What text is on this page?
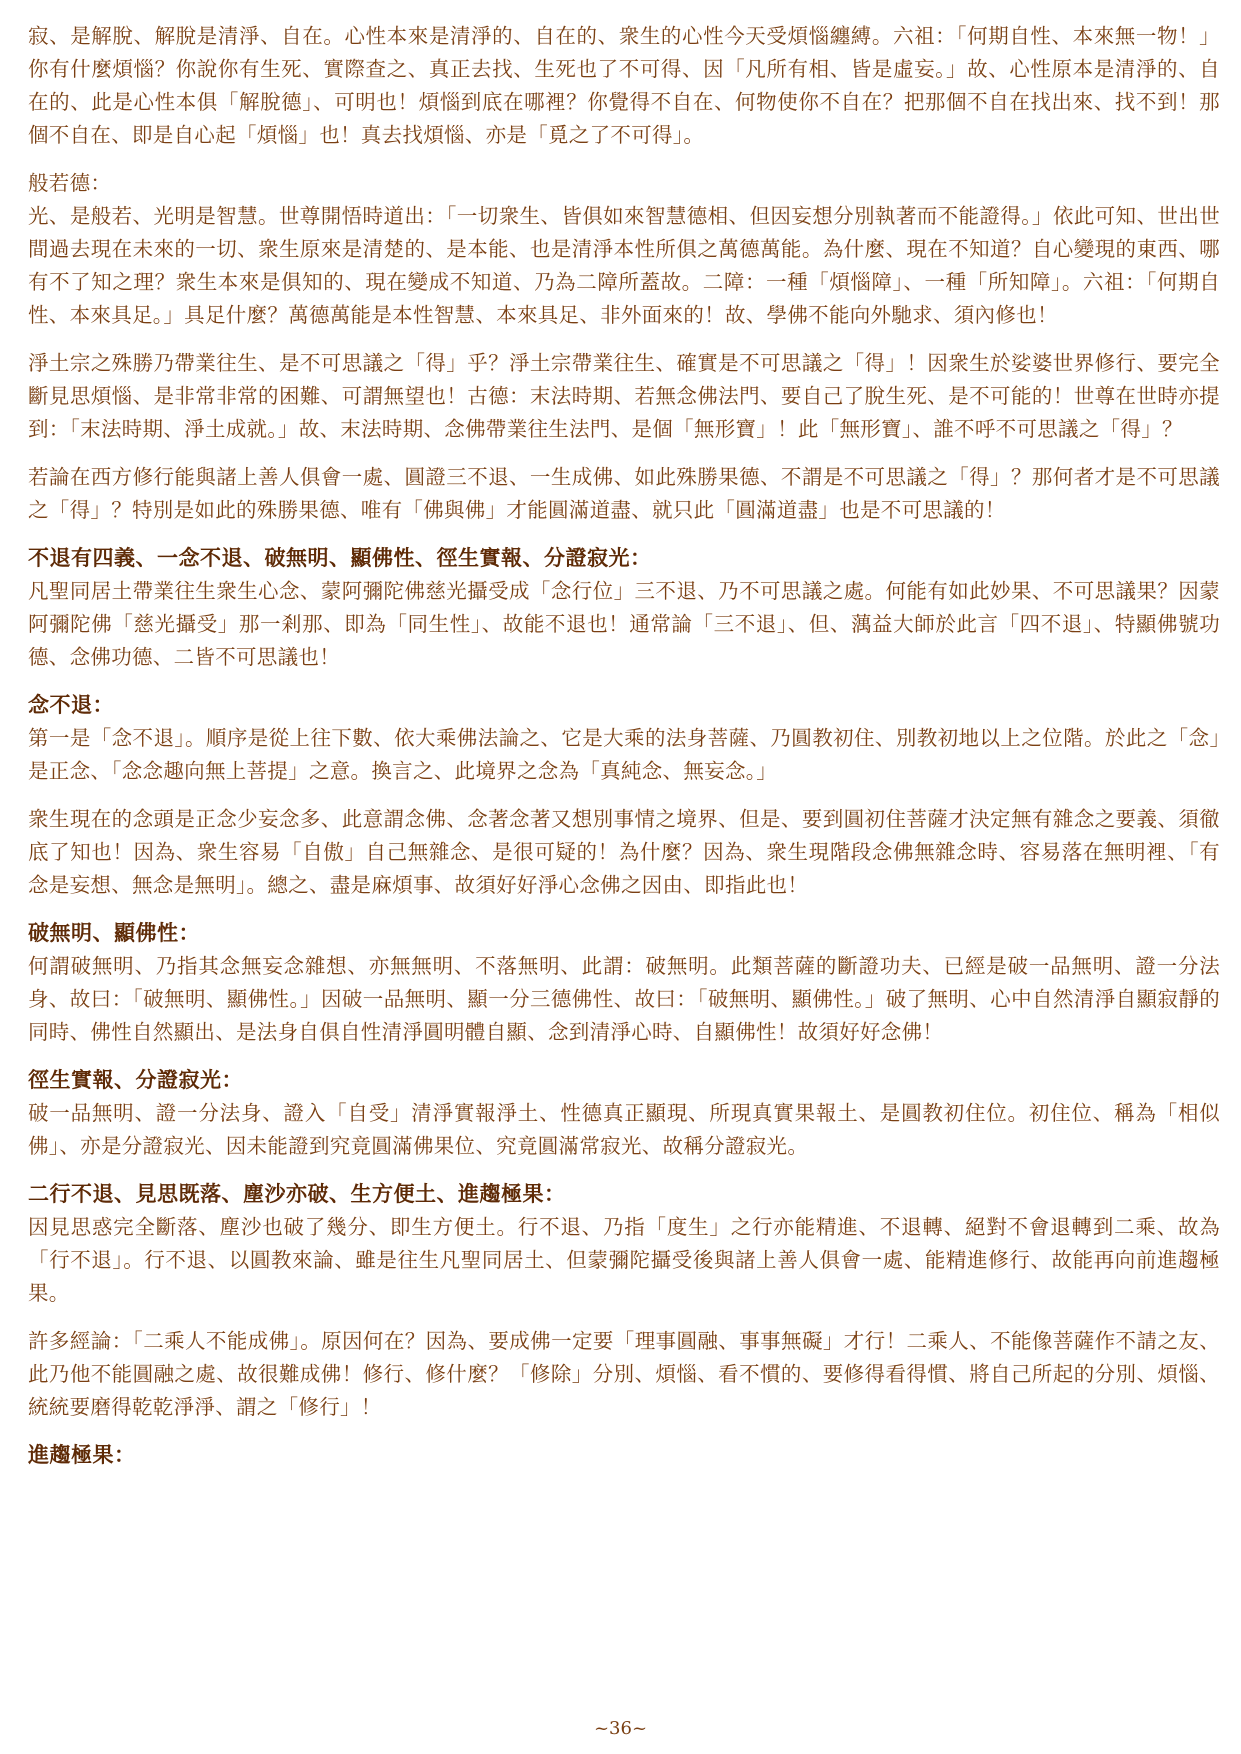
寂、是解脫、解脫是清淨、自在。心性本來是清淨的、自在的、衆生的心性今天受煩惱纏縛。六祖：「何期自性、本來無一物！」你有什麼煩惱？你說你有生死、實際查之、真正去找、生死也了不可得、因「凡所有相、皆是虛妄。」故、心性原本是清淨的、自在的、此是心性本俱「解脫德」、可明也！煩惱到底在哪裡？你覺得不自在、何物使你不自在？把那個不自在找出來、找不到！那個不自在、即是自心起「煩惱」也！真去找煩惱、亦是「覓之了不可得」。

般若德：

光、是般若、光明是智慧。世尊開悟時道出：「一切衆生、皆俱如來智慧德相、但因妄想分別執著而不能證得。」依此可知、世出世間過去現在未來的一切、衆生原來是清楚的、是本能、也是清淨本性所俱之萬德萬能。為什麼、現在不知道？自心變現的東西、哪有不了知之理？衆生本來是俱知的、現在變成不知道、乃為二障所蓋故。二障：一種「煩惱障」、一種「所知障」。六祖：「何期自性、本來具足。」具足什麼？萬德萬能是本性智慧、本來具足、非外面來的！故、學佛不能向外馳求、須內修也！

淨土宗之殊勝乃帶業往生、是不可思議之「得」乎？淨土宗帶業往生、確實是不可思議之「得」！因衆生於娑婆世界修行、要完全斷見思煩惱、是非常非常的困難、可謂無望也！古德：末法時期、若無念佛法門、要自己了脫生死、是不可能的！世尊在世時亦提到：「末法時期、淨土成就。」故、末法時期、念佛帶業往生法門、是個「無形寶」！此「無形寶」、誰不呼不可思議之「得」？

若論在西方修行能與諸上善人俱會一處、圓證三不退、一生成佛、如此殊勝果德、不謂是不可思議之「得」？那何者才是不可思議之「得」？特別是如此的殊勝果德、唯有「佛與佛」才能圓滿道盡、就只此「圓滿道盡」也是不可思議的！

不退有四義、一念不退、破無明、顯佛性、徑生實報、分證寂光：

凡聖同居土帶業往生衆生心念、蒙阿彌陀佛慈光攝受成「念行位」三不退、乃不可思議之處。何能有如此妙果、不可思議果？因蒙阿彌陀佛「慈光攝受」那一剎那、即為「同生性」、故能不退也！通常論「三不退」、但、蕅益大師於此言「四不退」、特顯佛號功德、念佛功德、二皆不可思議也！

念不退：

第一是「念不退」。順序是從上往下數、依大乘佛法論之、它是大乘的法身菩薩、乃圓教初住、別教初地以上之位階。於此之「念」是正念、「念念趣向無上菩提」之意。換言之、此境界之念為「真純念、無妄念。」

衆生現在的念頭是正念少妄念多、此意謂念佛、念著念著又想別事情之境界、但是、要到圓初住菩薩才決定無有雜念之要義、須徹底了知也！因為、衆生容易「自傲」自己無雜念、是很可疑的！為什麼？因為、衆生現階段念佛無雜念時、容易落在無明裡、「有念是妄想、無念是無明」。總之、盡是麻煩事、故須好好淨心念佛之因由、即指此也！

破無明、顯佛性：

何謂破無明、乃指其念無妄念雜想、亦無無明、不落無明、此謂：破無明。此類菩薩的斷證功夫、已經是破一品無明、證一分法身、故曰：「破無明、顯佛性。」因破一品無明、顯一分三德佛性、故曰：「破無明、顯佛性。」破了無明、心中自然清淨自顯寂靜的同時、佛性自然顯出、是法身自俱自性清淨圓明體自顯、念到清淨心時、自顯佛性！故須好好念佛！

徑生實報、分證寂光：

破一品無明、證一分法身、證入「自受」清淨實報淨土、性德真正顯現、所現真實果報土、是圓教初住位。初住位、稱為「相似佛」、亦是分證寂光、因未能證到究竟圓滿佛果位、究竟圓滿常寂光、故稱分證寂光。

二行不退、見思既落、塵沙亦破、生方便土、進趨極果：

因見思惑完全斷落、塵沙也破了幾分、即生方便土。行不退、乃指「度生」之行亦能精進、不退轉、絕對不會退轉到二乘、故為「行不退」。行不退、以圓教來論、雖是往生凡聖同居土、但蒙彌陀攝受後與諸上善人俱會一處、能精進修行、故能再向前進趨極果。

許多經論：「二乘人不能成佛」。原因何在？因為、要成佛一定要「理事圓融、事事無礙」才行！二乘人、不能像菩薩作不請之友、此乃他不能圓融之處、故很難成佛！修行、修什麼？「修除」分別、煩惱、看不慣的、要修得看得慣、將自己所起的分別、煩惱、統統要磨得乾乾淨淨、謂之「修行」！

進趨極果：
~36~
